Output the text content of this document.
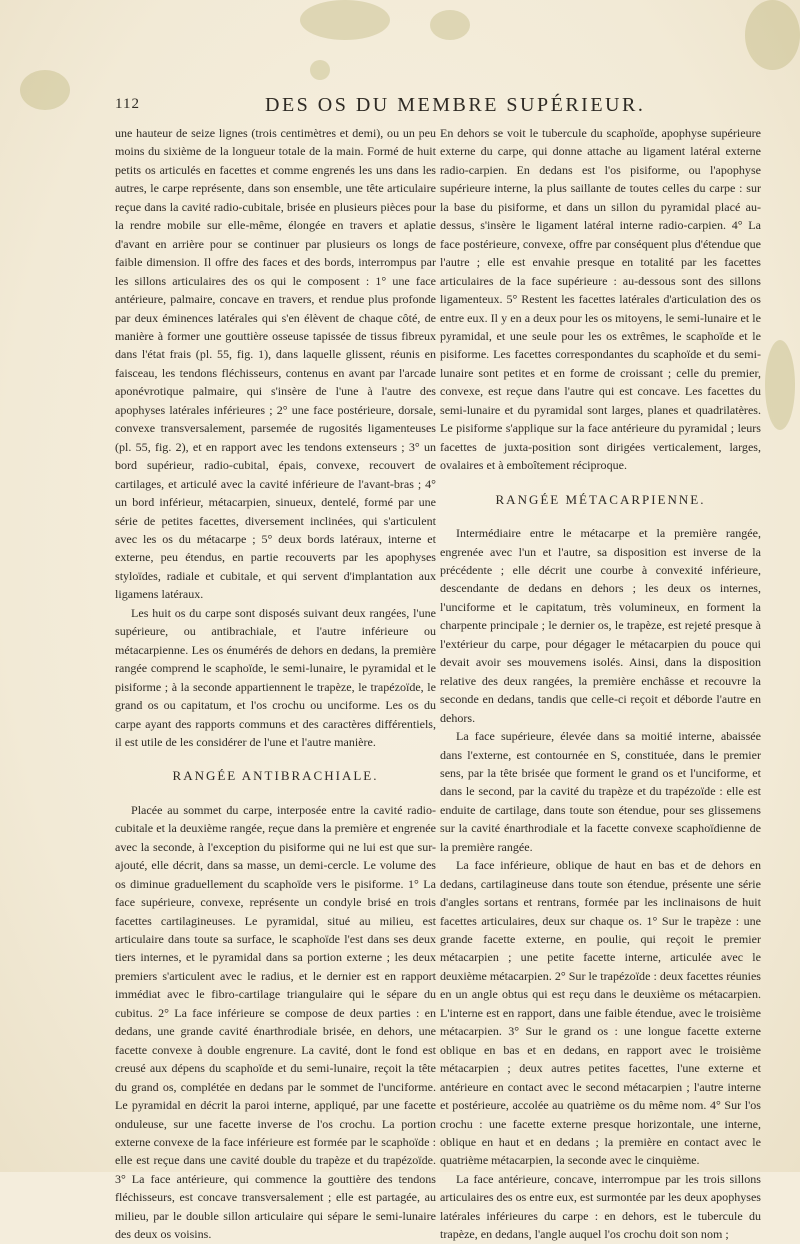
112	DES OS DU MEMBRE SUPÉRIEUR.

une hauteur de seize lignes (trois centimètres et demi), ou un peu moins du sixième de la longueur totale de la main. Formé de huit petits os articulés en facettes et comme engrenés les uns dans les autres, le carpe représente, dans son ensemble, une tête articulaire reçue dans la cavité radio-cubitale, brisée en plusieurs pièces pour la rendre mobile sur elle-même, élongée en travers et aplatie d'avant en arrière pour se continuer par plusieurs os longs de faible dimension. Il offre des faces et des bords, interrompus par les sillons articulaires des os qui le composent : 1° une face antérieure, palmaire, concave en travers, et rendue plus profonde par deux éminences latérales qui s'en élèvent de chaque côté, de manière à former une gouttière osseuse tapissée de tissus fibreux dans l'état frais (pl. 55, fig. 1), dans laquelle glissent, réunis en faisceau, les tendons fléchisseurs, contenus en avant par l'arcade aponévrotique palmaire, qui s'insère de l'une à l'autre des apophyses latérales inférieures ; 2° une face postérieure, dorsale, convexe transversalement, parsemée de rugosités ligamenteuses (pl. 55, fig. 2), et en rapport avec les tendons extenseurs ; 3° un bord supérieur, radio-cubital, épais, convexe, recouvert de cartilages, et articulé avec la cavité inférieure de l'avant-bras ; 4° un bord inférieur, métacarpien, sinueux, dentelé, formé par une série de petites facettes, diversement inclinées, qui s'articulent avec les os du métacarpe ; 5° deux bords latéraux, interne et externe, peu étendus, en partie recouverts par les apophyses styloïdes, radiale et cubitale, et qui servent d'implantation aux ligamens latéraux.

Les huit os du carpe sont disposés suivant deux rangées, l'une supérieure, ou antibrachiale, et l'autre inférieure ou métacarpienne. Les os énumérés de dehors en dedans, la première rangée comprend le scaphoïde, le semi-lunaire, le pyramidal et le pisiforme ; à la seconde appartiennent le trapèze, le trapézoïde, le grand os ou capitatum, et l'os crochu ou unciforme. Les os du carpe ayant des rapports communs et des caractères différentiels, il est utile de les considérer de l'une et l'autre manière.

RANGÉE ANTIBRACHIALE.

Placée au sommet du carpe, interposée entre la cavité radio-cubitale et la deuxième rangée, reçue dans la première et engrenée avec la seconde, à l'exception du pisiforme qui ne lui est que sur-ajouté, elle décrit, dans sa masse, un demi-cercle. Le volume des os diminue graduellement du scaphoïde vers le pisiforme. 1° La face supérieure, convexe, représente un condyle brisé en trois facettes cartilagineuses. Le pyramidal, situé au milieu, est articulaire dans toute sa surface, le scaphoïde l'est dans ses deux tiers internes, et le pyramidal dans sa portion externe ; les deux premiers s'articulent avec le radius, et le dernier est en rapport immédiat avec le fibro-cartilage triangulaire qui le sépare du cubitus. 2° La face inférieure se compose de deux parties : en dedans, une grande cavité énarthrodiale brisée, en dehors, une facette convexe à double engrenure. La cavité, dont le fond est creusé aux dépens du scaphoïde et du semi-lunaire, reçoit la tête du grand os, complétée en dedans par le sommet de l'unciforme. Le pyramidal en décrit la paroi interne, appliqué, par une facette onduleuse, sur une facette inverse de l'os crochu. La portion externe convexe de la face inférieure est formée par le scaphoïde : elle est reçue dans une cavité double du trapèze et du trapézoïde. 3° La face antérieure, qui commence la gouttière des tendons fléchisseurs, est concave transversalement ; elle est partagée, au milieu, par le double sillon articulaire qui sépare le semi-lunaire des deux os voisins.

En dehors se voit le tubercule du scaphoïde, apophyse supérieure externe du carpe, qui donne attache au ligament latéral externe radio-carpien. En dedans est l'os pisiforme, ou l'apophyse supérieure interne, la plus saillante de toutes celles du carpe : sur la base du pisiforme, et dans un sillon du pyramidal placé au-dessus, s'insère le ligament latéral interne radio-carpien. 4° La face postérieure, convexe, offre par conséquent plus d'étendue que l'autre ; elle est envahie presque en totalité par les facettes articulaires de la face supérieure : au-dessous sont des sillons ligamenteux. 5° Restent les facettes latérales d'articulation des os entre eux. Il y en a deux pour les os mitoyens, le semi-lunaire et le pyramidal, et une seule pour les os extrêmes, le scaphoïde et le pisiforme. Les facettes correspondantes du scaphoïde et du semi-lunaire sont petites et en forme de croissant ; celle du premier, convexe, est reçue dans l'autre qui est concave. Les facettes du semi-lunaire et du pyramidal sont larges, planes et quadrilatères. Le pisiforme s'applique sur la face antérieure du pyramidal ; leurs facettes de juxta-position sont dirigées verticalement, larges, ovalaires et à emboîtement réciproque.

RANGÉE MÉTACARPIENNE.

Intermédiaire entre le métacarpe et la première rangée, engrenée avec l'un et l'autre, sa disposition est inverse de la précédente ; elle décrit une courbe à convexité inférieure, descendante de dedans en dehors ; les deux os internes, l'unciforme et le capitatum, très volumineux, en forment la charpente principale ; le dernier os, le trapèze, est rejeté presque à l'extérieur du carpe, pour dégager le métacarpien du pouce qui devait avoir ses mouvemens isolés. Ainsi, dans la disposition relative des deux rangées, la première enchâsse et recouvre la seconde en dedans, tandis que celle-ci reçoit et déborde l'autre en dehors.

La face supérieure, élevée dans sa moitié interne, abaissée dans l'externe, est contournée en S, constituée, dans le premier sens, par la tête brisée que forment le grand os et l'unciforme, et dans le second, par la cavité du trapèze et du trapézoïde : elle est enduite de cartilage, dans toute son étendue, pour ses glissemens sur la cavité énarthrodiale et la facette convexe scaphoïdienne de la première rangée.

La face inférieure, oblique de haut en bas et de dehors en dedans, cartilagineuse dans toute son étendue, présente une série d'angles sortans et rentrans, formée par les inclinaisons de huit facettes articulaires, deux sur chaque os. 1° Sur le trapèze : une grande facette externe, en poulie, qui reçoit le premier métacarpien ; une petite facette interne, articulée avec le deuxième métacarpien. 2° Sur le trapézoïde : deux facettes réunies en un angle obtus qui est reçu dans le deuxième os métacarpien. L'interne est en rapport, dans une faible étendue, avec le troisième métacarpien. 3° Sur le grand os : une longue facette externe oblique en bas et en dedans, en rapport avec le troisième métacarpien ; deux autres petites facettes, l'une externe et antérieure en contact avec le second métacarpien ; l'autre interne et postérieure, accolée au quatrième os du même nom. 4° Sur l'os crochu : une facette externe presque horizontale, une interne, oblique en haut et en dedans ; la première en contact avec le quatrième métacarpien, la seconde avec le cinquième.

La face antérieure, concave, interrompue par les trois sillons articulaires des os entre eux, est surmontée par les deux apophyses latérales inférieures du carpe : en dehors, est le tubercule du trapèze, en dedans, l'angle auquel l'os crochu doit son nom ;
